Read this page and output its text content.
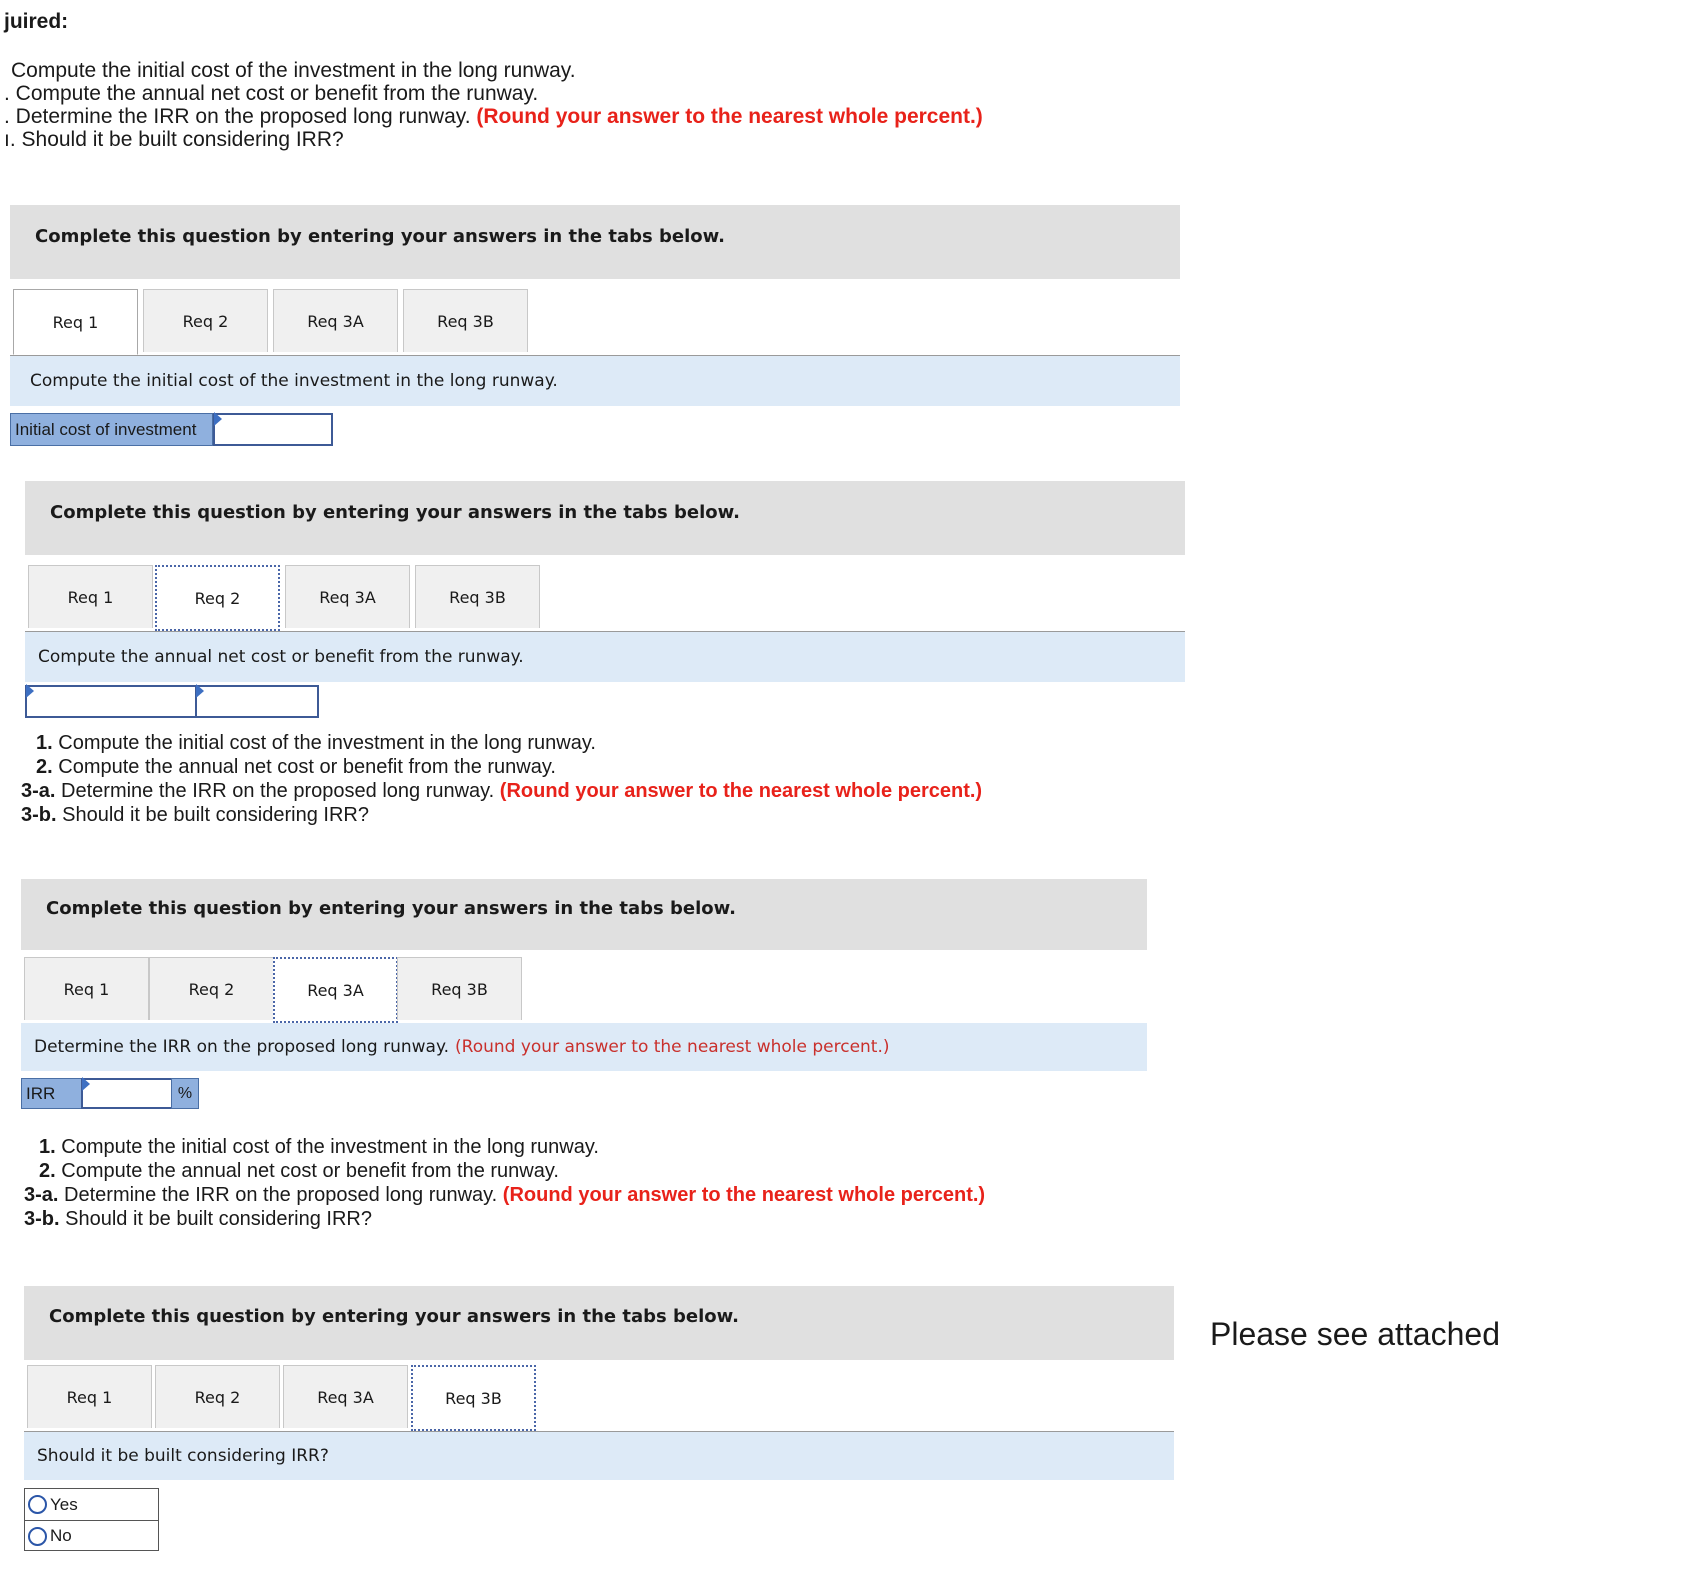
juired:
Compute the initial cost of the investment in the long runway.
. Compute the annual net cost or benefit from the runway.
. Determine the IRR on the proposed long runway. (Round your answer to the nearest whole percent.)
ı. Should it be built considering IRR?
Complete this question by entering your answers in the tabs below.
Req 1	Req 2	Req 3A	Req 3B
Compute the initial cost of the investment in the long runway.
Initial cost of investment
Complete this question by entering your answers in the tabs below.
Req 1	Req 2	Req 3A	Req 3B
Compute the annual net cost or benefit from the runway.
1. Compute the initial cost of the investment in the long runway.
2. Compute the annual net cost or benefit from the runway.
3-a. Determine the IRR on the proposed long runway. (Round your answer to the nearest whole percent.)
3-b. Should it be built considering IRR?
Complete this question by entering your answers in the tabs below.
Req 1	Req 2	Req 3A	Req 3B
Determine the IRR on the proposed long runway. (Round your answer to the nearest whole percent.)
IRR	%
1. Compute the initial cost of the investment in the long runway.
2. Compute the annual net cost or benefit from the runway.
3-a. Determine the IRR on the proposed long runway. (Round your answer to the nearest whole percent.)
3-b. Should it be built considering IRR?
Complete this question by entering your answers in the tabs below.
Req 1	Req 2	Req 3A	Req 3B
Should it be built considering IRR?
Yes
No
Please see attached
